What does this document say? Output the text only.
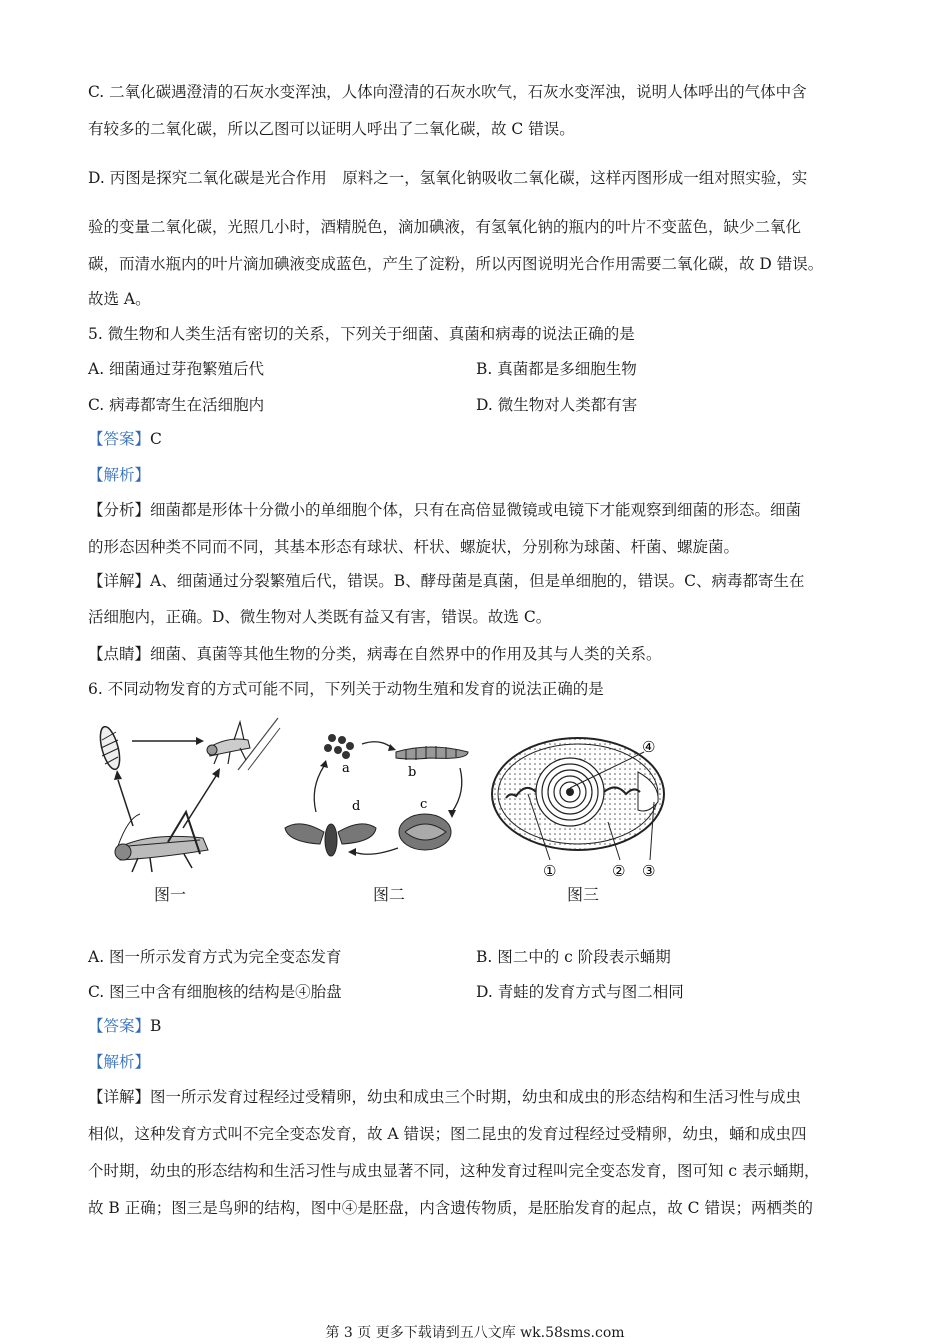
C. 二氧化碳遇澄清的石灰水变浑浊，人体向澄清的石灰水吹气，石灰水变浑浊，说明人体呼出的气体中含
有较多的二氧化碳，所以乙图可以证明人呼出了二氧化碳，故 C 错误。
D. 丙图是探究二氧化碳是光合作用　原料之一，氢氧化钠吸收二氧化碳，这样丙图形成一组对照实验，实
验的变量二氧化碳，光照几小时，酒精脱色，滴加碘液，有氢氧化钠的瓶内的叶片不变蓝色，缺少二氧化
碳，而清水瓶内的叶片滴加碘液变成蓝色，产生了淀粉，所以丙图说明光合作用需要二氧化碳，故 D 错误。
故选 A。
5. 微生物和人类生活有密切的关系，下列关于细菌、真菌和病毒的说法正确的是
A. 细菌通过芽孢繁殖后代	B. 真菌都是多细胞生物
C. 病毒都寄生在活细胞内	D. 微生物对人类都有害
【答案】C
【解析】
【分析】细菌都是形体十分微小的单细胞个体，只有在高倍显微镜或电镜下才能观察到细菌的形态。细菌
的形态因种类不同而不同，其基本形态有球状、杆状、螺旋状，分别称为球菌、杆菌、螺旋菌。
【详解】A、细菌通过分裂繁殖后代，错误。B、酵母菌是真菌，但是单细胞的，错误。C、病毒都寄生在
活细胞内，正确。D、微生物对人类既有益又有害，错误。故选 C。
【点睛】细菌、真菌等其他生物的分类，病毒在自然界中的作用及其与人类的关系。
6. 不同动物发育的方式可能不同，下列关于动物生殖和发育的说法正确的是
图一
a	b
c
d
图二
①	② ③
④
图三
A. 图一所示发育方式为完全变态发育	B. 图二中的 c 阶段表示蛹期
C. 图三中含有细胞核的结构是④胎盘	D. 青蛙的发育方式与图二相同
【答案】B
【解析】
【详解】图一所示发育过程经过受精卵，幼虫和成虫三个时期，幼虫和成虫的形态结构和生活习性与成虫
相似，这种发育方式叫不完全变态发育，故 A 错误；图二昆虫的发育过程经过受精卵，幼虫，蛹和成虫四
个时期，幼虫的形态结构和生活习性与成虫显著不同，这种发育过程叫完全变态发育，图可知 c 表示蛹期，
故 B 正确；图三是鸟卵的结构，图中④是胚盘，内含遗传物质，是胚胎发育的起点，故 C 错误；两栖类的
第 3 页 更多下载请到五八文库 wk.58sms.com
